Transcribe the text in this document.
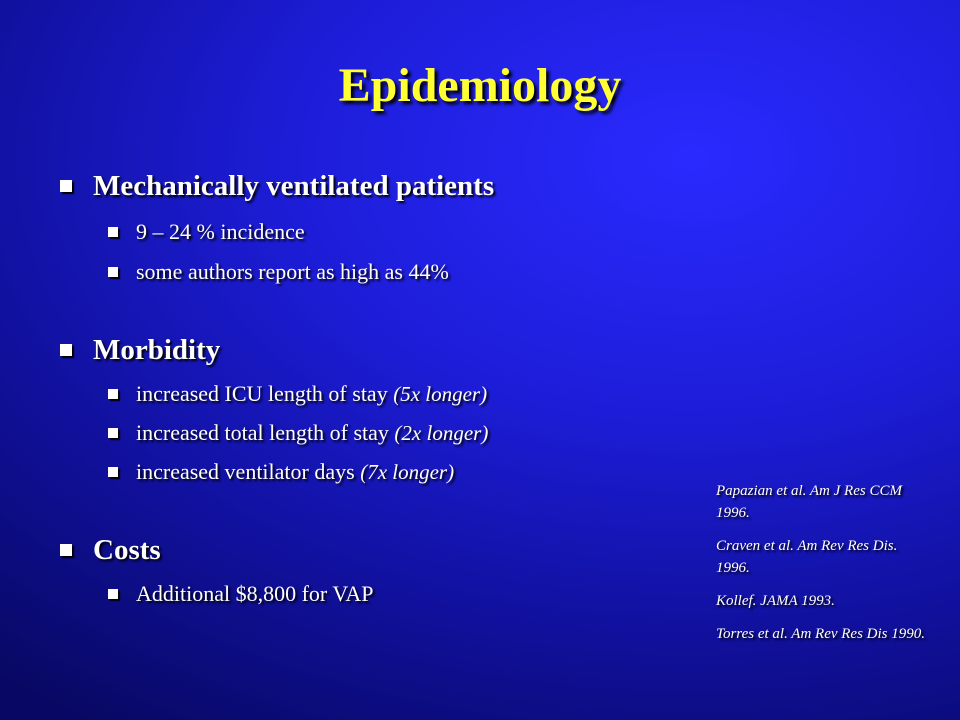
Epidemiology
Mechanically ventilated patients
9 – 24 % incidence
some authors report as high as 44%
Morbidity
increased ICU length of stay (5x longer)
increased total length of stay (2x longer)
increased ventilator days (7x longer)
Costs
Additional $8,800 for VAP

Papazian et al. Am J Res CCM 1996.

Craven et al. Am Rev Res Dis. 1996.

Kollef. JAMA 1993.

Torres et al. Am Rev Res Dis 1990.
